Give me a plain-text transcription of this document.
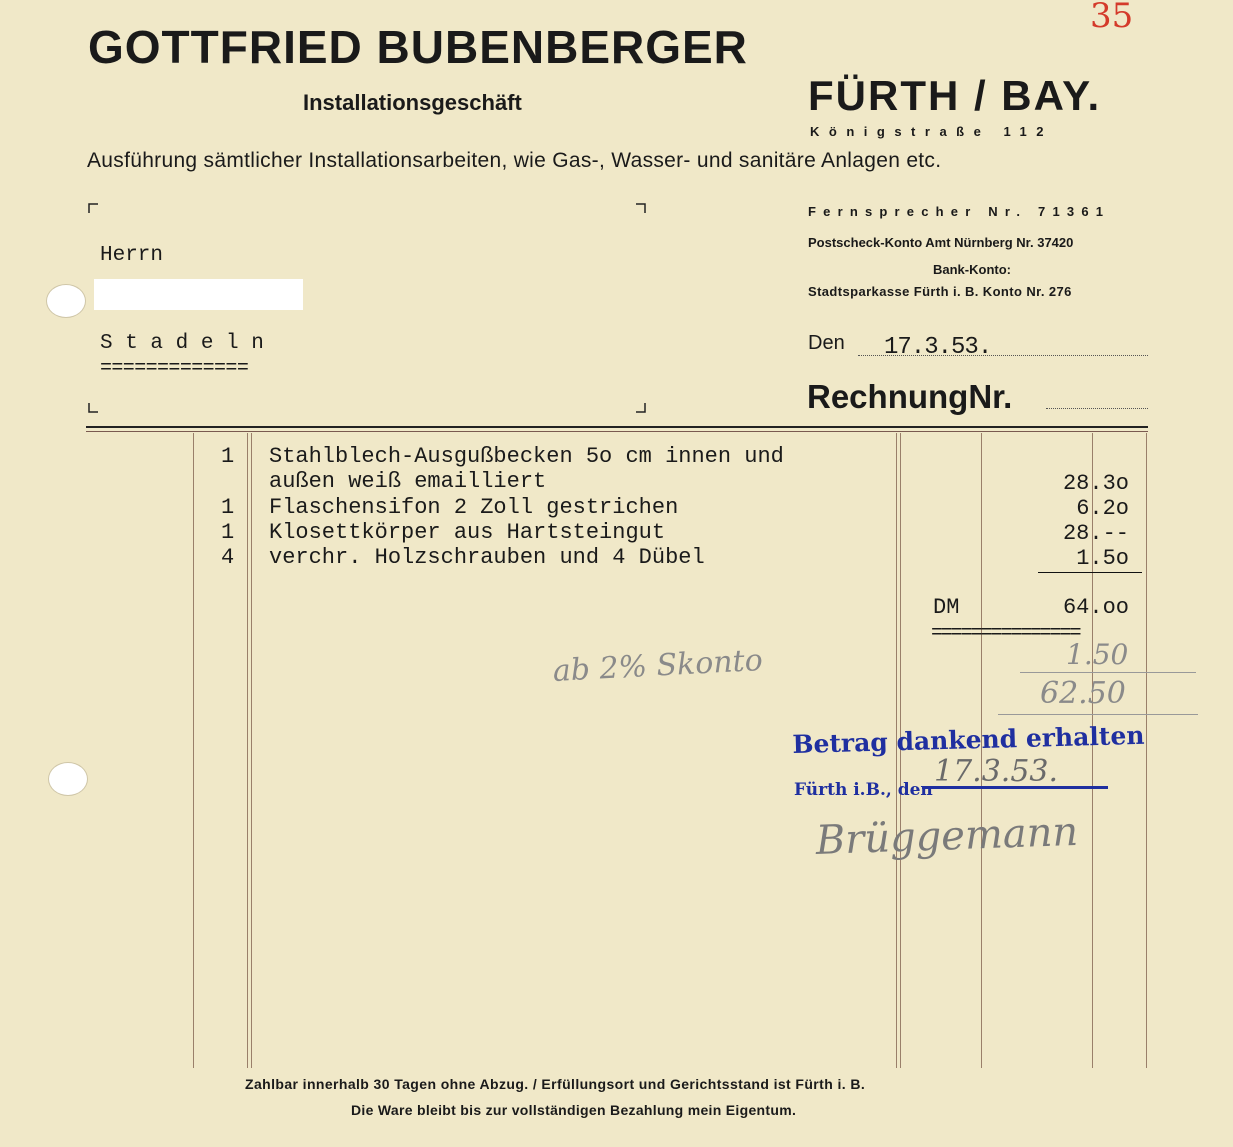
35
GOTTFRIED BUBENBERGER
Installationsgeschäft	FÜRTH / BAY.
Königstraße 112
Ausführung sämtlicher Installationsarbeiten, wie Gas-, Wasser- und sanitäre Anlagen etc.
Fernsprecher Nr. 71361
Postscheck-Konto Amt Nürnberg Nr. 37420
Bank-Konto:
Stadtsparkasse Fürth i. B. Konto Nr. 276
Herrn
S t a d e l n
=============
Den 17.3.53.
RechnungNr.
1 Stahlblech-Ausgußbecken 5o cm innen und
außen weiß emailliert	28.3o
1 Flaschensifon 2 Zoll gestrichen	6.2o
1 Klosettkörper aus Hartsteingut	28.--
4 verchr. Holzschrauben und 4 Dübel	1.5o
DM	64.oo
===============
ab 2% Skonto	1.50
62.50
Betrag dankend erhalten
Fürth i.B., den
17.3.53.
Brüggemann
Zahlbar innerhalb 30 Tagen ohne Abzug. / Erfüllungsort und Gerichtsstand ist Fürth i. B.
Die Ware bleibt bis zur vollständigen Bezahlung mein Eigentum.
